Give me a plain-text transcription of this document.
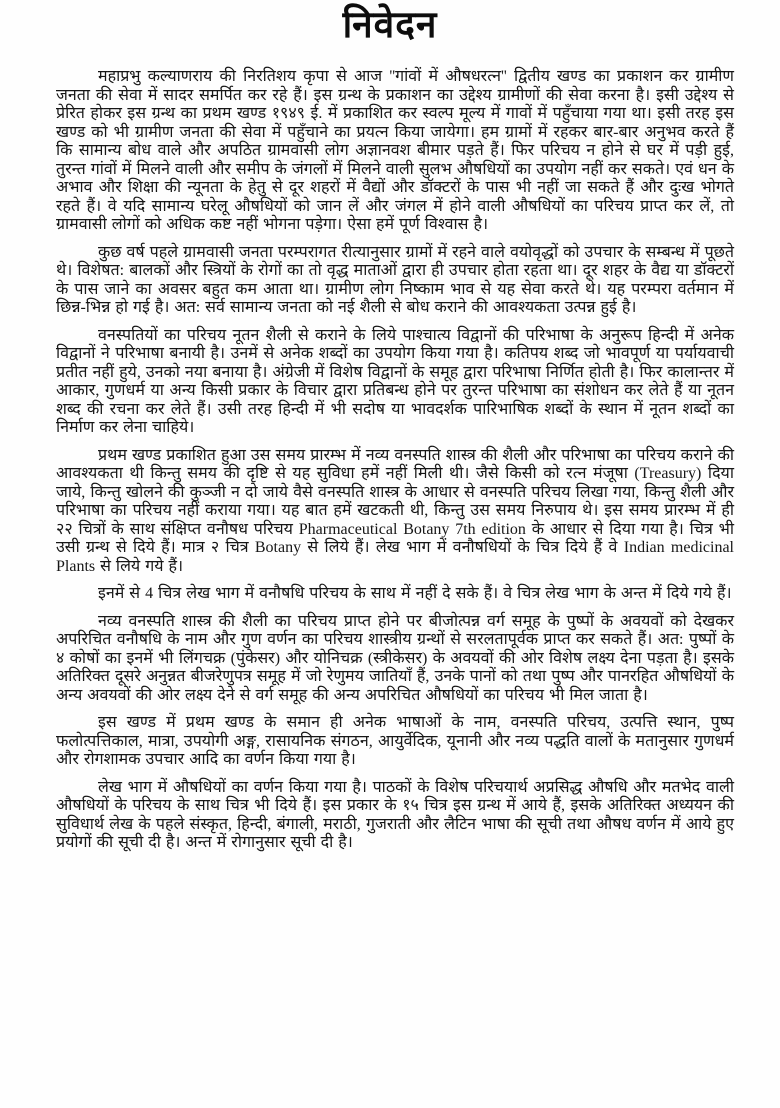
निवेदन

महाप्रभु कल्याणराय की निरतिशय कृपा से आज ''गांवों में औषधरत्न'' द्वितीय खण्ड का प्रकाशन कर ग्रामीण जनता की सेवा में सादर समर्पित कर रहे हैं। इस ग्रन्थ के प्रकाशन का उद्देश्य ग्रामीणों की सेवा करना है। इसी उद्देश्य से प्रेरित होकर इस ग्रन्थ का प्रथम खण्ड १९४९ ई. में प्रकाशित कर स्वल्प मूल्य में गावों में पहुँचाया गया था। इसी तरह इस खण्ड को भी ग्रामीण जनता की सेवा में पहुँचाने का प्रयत्न किया जायेगा। हम ग्रामों में रहकर बार-बार अनुभव करते हैं कि सामान्य बोध वाले और अपठित ग्रामवासी लोग अज्ञानवश बीमार पड़ते हैं। फिर परिचय न होने से घर में पड़ी हुई, तुरन्त गांवों में मिलने वाली और समीप के जंगलों में मिलने वाली सुलभ औषधियों का उपयोग नहीं कर सकते। एवं धन के अभाव और शिक्षा की न्यूनता के हेतु से दूर शहरों में वैद्यों और डॉक्टरों के पास भी नहीं जा सकते हैं और दुःख भोगते रहते हैं। वे यदि सामान्य घरेलू औषधियों को जान लें और जंगल में होने वाली औषधियों का परिचय प्राप्त कर लें, तो ग्रामवासी लोगों को अधिक कष्ट नहीं भोगना पड़ेगा। ऐसा हमें पूर्ण विश्वास है।

कुछ वर्ष पहले ग्रामवासी जनता परम्परागत रीत्यानुसार ग्रामों में रहने वाले वयोवृद्धों को उपचार के सम्बन्ध में पूछते थे। विशेषत: बालकों और स्त्रियों के रोगों का तो वृद्ध माताओं द्वारा ही उपचार होता रहता था। दूर शहर के वैद्य या डॉक्टरों के पास जाने का अवसर बहुत कम आता था। ग्रामीण लोग निष्काम भाव से यह सेवा करते थे। यह परम्परा वर्तमान में छिन्न-भिन्न हो गई है। अत: सर्व सामान्य जनता को नई शैली से बोध कराने की आवश्यकता उत्पन्न हुई है।

वनस्पतियों का परिचय नूतन शैली से कराने के लिये पाश्चात्य विद्वानों की परिभाषा के अनुरूप हिन्दी में अनेक विद्वानों ने परिभाषा बनायी है। उनमें से अनेक शब्दों का उपयोग किया गया है। कतिपय शब्द जो भावपूर्ण या पर्यायवाची प्रतीत नहीं हुये, उनको नया बनाया है। अंग्रेजी में विशेष विद्वानों के समूह द्वारा परिभाषा निर्णित होती है। फिर कालान्तर में आकार, गुणधर्म या अन्य किसी प्रकार के विचार द्वारा प्रतिबन्ध होने पर तुरन्त परिभाषा का संशोधन कर लेते हैं या नूतन शब्द की रचना कर लेते हैं। उसी तरह हिन्दी में भी सदोष या भावदर्शक पारिभाषिक शब्दों के स्थान में नूतन शब्दों का निर्माण कर लेना चाहिये।

प्रथम खण्ड प्रकाशित हुआ उस समय प्रारम्भ में नव्य वनस्पति शास्त्र की शैली और परिभाषा का परिचय कराने की आवश्यकता थी किन्तु समय की दृष्टि से यह सुविधा हमें नहीं मिली थी। जैसे किसी को रत्न मंजूषा (Treasury) दिया जाये, किन्तु खोलने की कुञ्जी न दो जाये वैसे वनस्पति शास्त्र के आधार से वनस्पति परिचय लिखा गया, किन्तु शैली और परिभाषा का परिचय नहीं कराया गया। यह बात हमें खटकती थी, किन्तु उस समय निरुपाय थे। इस समय प्रारम्भ में ही २२ चित्रों के साथ संक्षिप्त वनौषध परिचय Pharmaceutical Botany 7th edition के आधार से दिया गया है। चित्र भी उसी ग्रन्थ से दिये हैं। मात्र २ चित्र Botany से लिये हैं। लेख भाग में वनौषधियों के चित्र दिये हैं वे Indian medicinal Plants से लिये गये हैं।

इनमें से 4 चित्र लेख भाग में वनौषधि परिचय के साथ में नहीं दे सके हैं। वे चित्र लेख भाग के अन्त में दिये गये हैं।

नव्य वनस्पति शास्त्र की शैली का परिचय प्राप्त होने पर बीजोत्पन्न वर्ग समूह के पुष्पों के अवयवों को देखकर अपरिचित वनौषधि के नाम और गुण वर्णन का परिचय शास्त्रीय ग्रन्थों से सरलतापूर्वक प्राप्त कर सकते हैं। अत: पुष्पों के ४ कोषों का इनमें भी लिंगचक्र (पुंकेसर) और योनिचक्र (स्त्रीकेसर) के अवयवों की ओर विशेष लक्ष्य देना पड़ता है। इसके अतिरिक्त दूसरे अनुन्नत बीजरेणुपत्र समूह में जो रेणुमय जातियाँ हैं, उनके पानों को तथा पुष्प और पानरहित औषधियों के अन्य अवयवों की ओर लक्ष्य देने से वर्ग समूह की अन्य अपरिचित औषधियों का परिचय भी मिल जाता है।

इस खण्ड में प्रथम खण्ड के समान ही अनेक भाषाओं के नाम, वनस्पति परिचय, उत्पत्ति स्थान, पुष्प फलोत्पत्तिकाल, मात्रा, उपयोगी अङ्ग, रासायनिक संगठन, आयुर्वेदिक, यूनानी और नव्य पद्धति वालों के मतानुसार गुणधर्म और रोगशामक उपचार आदि का वर्णन किया गया है।

लेख भाग में औषधियों का वर्णन किया गया है। पाठकों के विशेष परिचयार्थ अप्रसिद्ध औषधि और मतभेद वाली औषधियों के परिचय के साथ चित्र भी दिये हैं। इस प्रकार के १५ चित्र इस ग्रन्थ में आये हैं, इसके अतिरिक्त अध्ययन की सुविधार्थ लेख के पहले संस्कृत, हिन्दी, बंगाली, मराठी, गुजराती और लैटिन भाषा की सूची तथा औषध वर्णन में आये हुए प्रयोगों की सूची दी है। अन्त में रोगानुसार सूची दी है।
